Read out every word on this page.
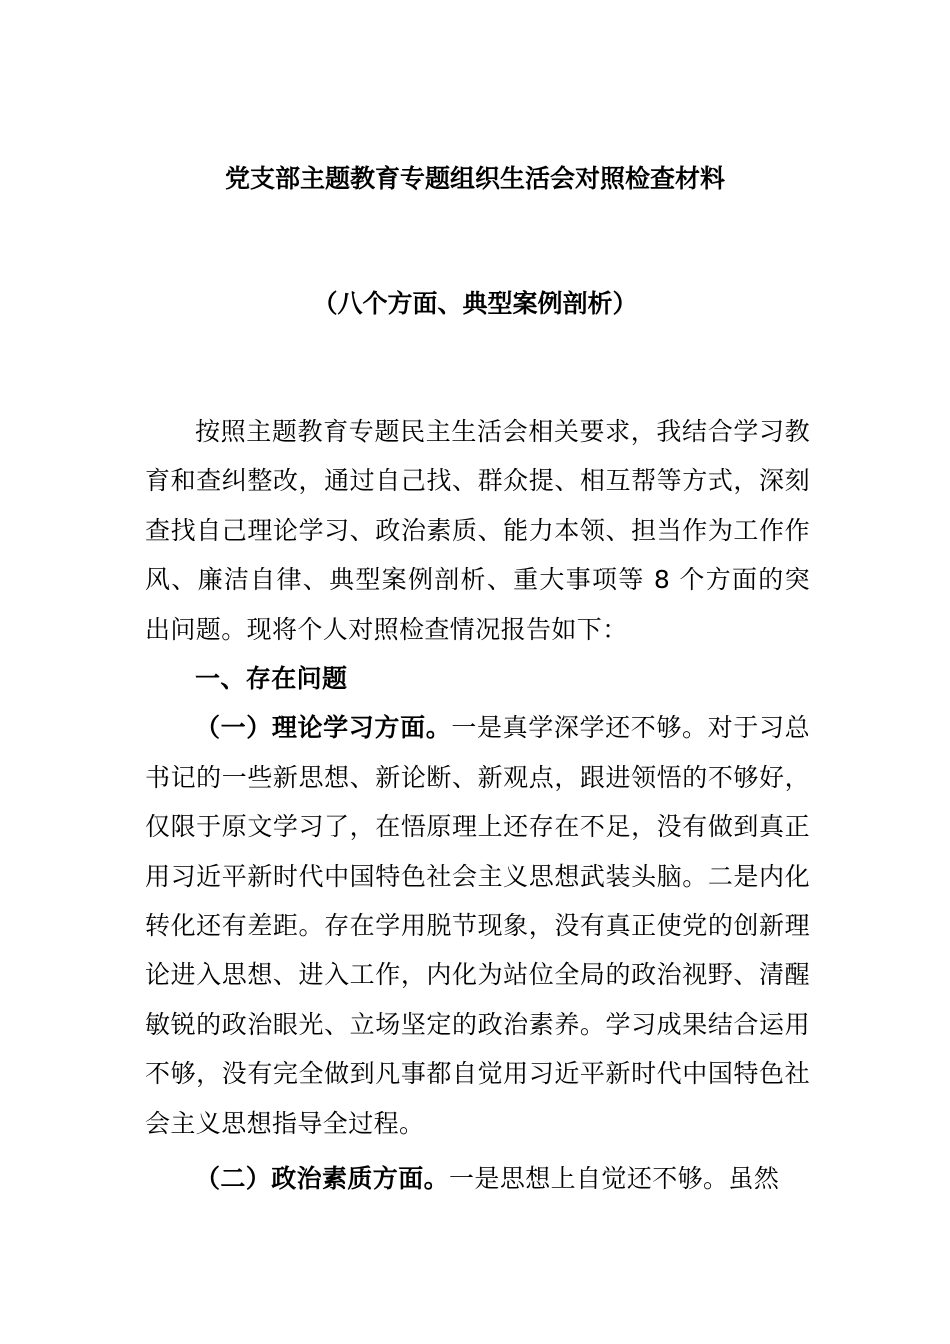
党支部主题教育专题组织生活会对照检查材料
（八个方面、典型案例剖析）

按照主题教育专题民主生活会相关要求，我结合学习教育和查纠整改，通过自己找、群众提、相互帮等方式，深刻查找自己理论学习、政治素质、能力本领、担当作为工作作风、廉洁自律、典型案例剖析、重大事项等 8 个方面的突出问题。现将个人对照检查情况报告如下：

一、存在问题

（一）理论学习方面。一是真学深学还不够。对于习总书记的一些新思想、新论断、新观点，跟进领悟的不够好，仅限于原文学习了，在悟原理上还存在不足，没有做到真正用习近平新时代中国特色社会主义思想武装头脑。二是内化转化还有差距。存在学用脱节现象，没有真正使党的创新理论进入思想、进入工作，内化为站位全局的政治视野、清醒敏锐的政治眼光、立场坚定的政治素养。学习成果结合运用不够，没有完全做到凡事都自觉用习近平新时代中国特色社会主义思想指导全过程。

（二）政治素质方面。一是思想上自觉还不够。虽然
